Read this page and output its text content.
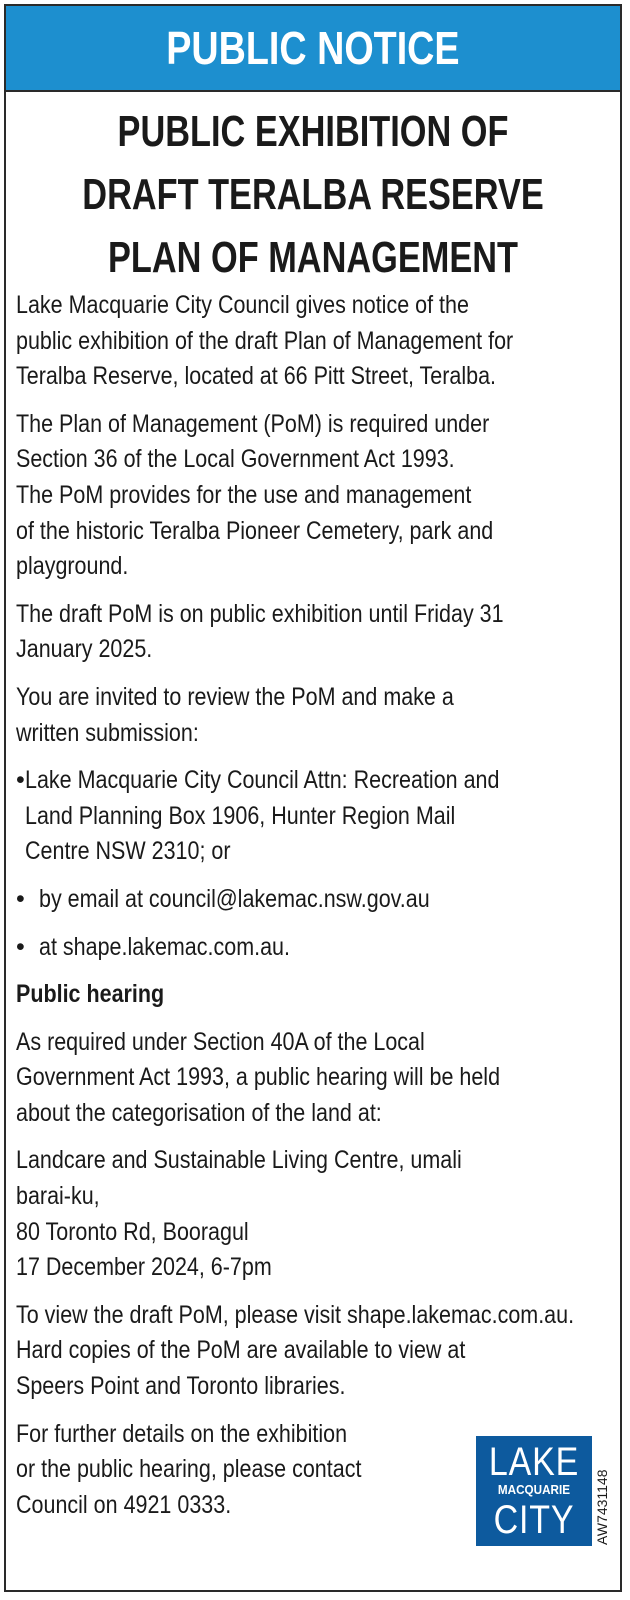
PUBLIC NOTICE
PUBLIC EXHIBITION OF
DRAFT TERALBA RESERVE
PLAN OF MANAGEMENT

Lake Macquarie City Council gives notice of the

public exhibition of the draft Plan of Management for

Teralba Reserve, located at 66 Pitt Street, Teralba.

The Plan of Management (PoM) is required under

Section 36 of the Local Government Act 1993.

The PoM provides for the use and management

of the historic Teralba Pioneer Cemetery, park and

playground.

The draft PoM is on public exhibition until Friday 31

January 2025.

You are invited to review the PoM and make a

written submission:

• Lake Macquarie City Council Attn: Recreation and

Land Planning Box 1906, Hunter Region Mail

Centre NSW 2310; or

• by email at council@lakemac.nsw.gov.au

• at shape.lakemac.com.au.

Public hearing

As required under Section 40A of the Local

Government Act 1993, a public hearing will be held

about the categorisation of the land at:

Landcare and Sustainable Living Centre, umali

barai-ku,

80 Toronto Rd, Booragul

17 December 2024, 6-7pm

To view the draft PoM, please visit shape.lakemac.com.au.

Hard copies of the PoM are available to view at

Speers Point and Toronto libraries.

For further details on the exhibition

or the public hearing, please contact

Council on 4921 0333.

LAKE
MACQUARIE
CITY	AW7431148
